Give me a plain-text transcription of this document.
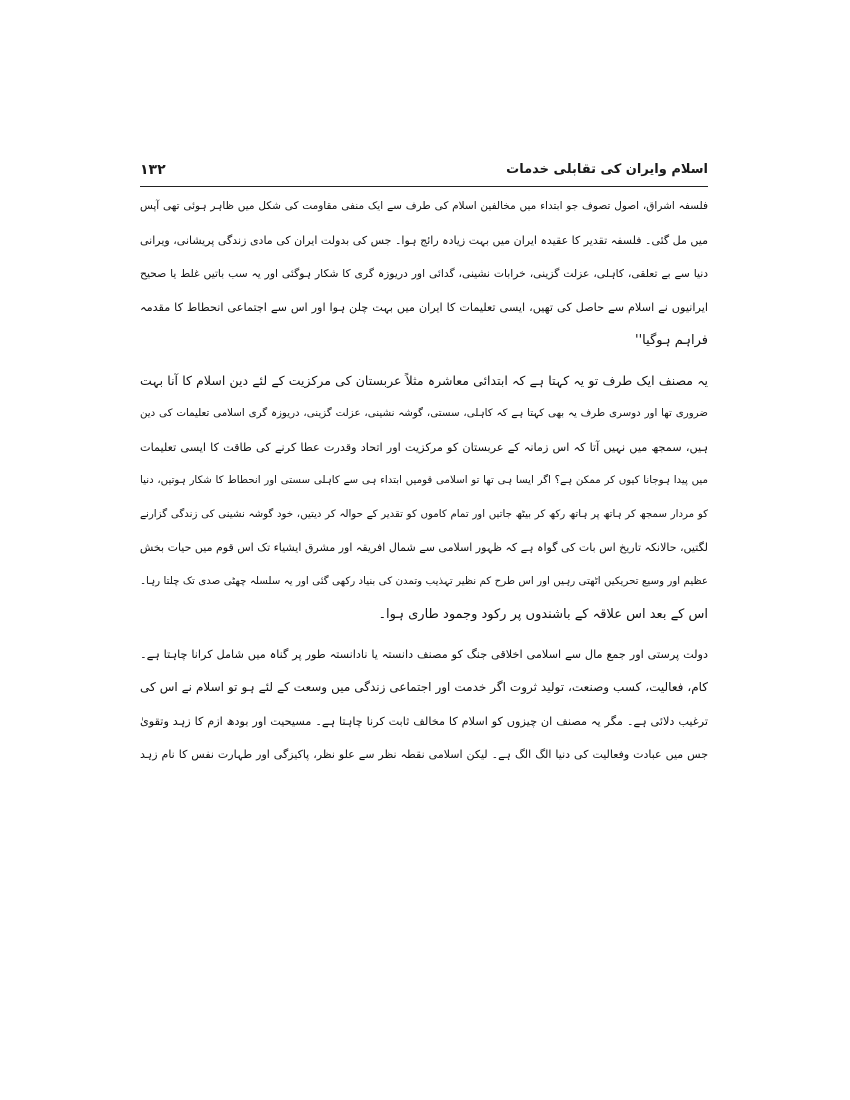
اسلام وایران کی تقابلی خدمات
۱۳۲
فلسفہ اشراق، اصول تصوف جو ابتداء میں مخالفین اسلام کی طرف سے ایک منفی مقاومت کی شکل میں ظاہر ہوئی تھی آپس
میں مل گئی۔ فلسفہ تقدیر کا عقیدہ ایران میں بہت زیادہ رائج ہوا۔ جس کی بدولت ایران کی مادی زندگی پریشانی، ویرانی
دنیا سے بے تعلقی، کاہلی، عزلت گزینی، خرابات نشینی، گدائی اور دریوزہ گری کا شکار ہوگئی اور یہ سب باتیں غلط یا صحیح
ایرانیوں نے اسلام سے حاصل کی تھیں، ایسی تعلیمات کا ایران میں بہت چلن ہوا اور اس سے اجتماعی انحطاط کا مقدمہ
فراہم ہوگیا''
یہ مصنف ایک طرف تو یہ کہتا ہے کہ ابتدائی معاشرہ مثلاً عربستان کی مرکزیت کے لئے دین اسلام کا آنا بہت
ضروری تھا اور دوسری طرف یہ بھی کہتا ہے کہ کاہلی، سستی، گوشہ نشینی، عزلت گزینی، دریوزہ گری اسلامی تعلیمات کی دین
ہیں، سمجھ میں نہیں آتا کہ اس زمانہ کے عربستان کو مرکزیت اور اتحاد وقدرت عطا کرنے کی طاقت کا ایسی تعلیمات
میں پیدا ہوجانا کیوں کر ممکن ہے؟ اگر ایسا ہی تھا تو اسلامی قومیں ابتداء ہی سے کاہلی سستی اور انحطاط کا شکار ہوتیں، دنیا
کو مردار سمجھ کر ہاتھ پر ہاتھ رکھ کر بیٹھ جاتیں اور تمام کاموں کو تقدیر کے حوالہ کر دیتیں، خود گوشہ نشینی کی زندگی گزارنے
لگتیں، حالانکہ تاریخ اس بات کی گواہ ہے کہ ظہور اسلامی سے شمال افریقہ اور مشرق ایشیاء تک اس قوم میں حیات بخش
عظیم اور وسیع تحریکیں اٹھتی رہیں اور اس طرح کم نظیر تہذیب وتمدن کی بنیاد رکھی گئی اور یہ سلسلہ چھٹی صدی تک چلتا رہا۔
اس کے بعد اس علاقہ کے باشندوں پر رکود وجمود طاری ہوا۔
دولت پرستی اور جمع مال سے اسلامی اخلاقی جنگ کو مصنف دانستہ یا نادانستہ طور پر گناہ میں شامل کرانا چاہتا ہے۔
کام، فعالیت، کسب وصنعت، تولید ثروت اگر خدمت اور اجتماعی زندگی میں وسعت کے لئے ہو تو اسلام نے اس کی
ترغیب دلائی ہے۔ مگر یہ مصنف ان چیزوں کو اسلام کا مخالف ثابت کرنا چاہتا ہے۔ مسیحیت اور بودھ ازم کا زہد وتقویٰ
جس میں عبادت وفعالیت کی دنیا الگ الگ ہے۔ لیکن اسلامی نقطہ نظر سے علو نظر، پاکیزگی اور طہارت نفس کا نام زہد
